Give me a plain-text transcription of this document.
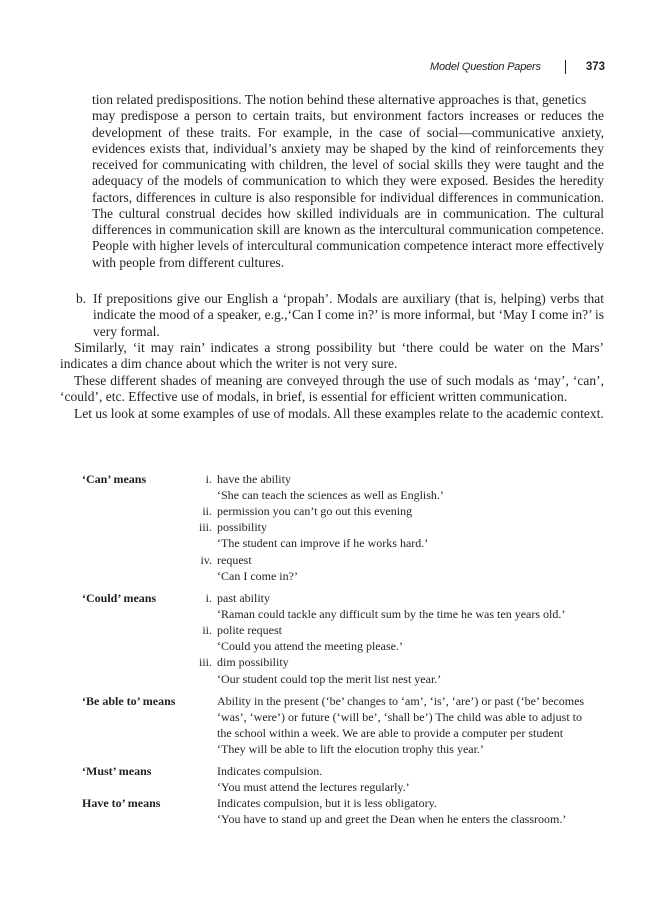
Model Question Papers	373
tion related predispositions. The notion behind these alternative approaches is that, genetics
may predispose a person to certain traits, but environment factors increases or reduces the development of these traits. For example, in the case of social—communicative anxiety, evidences exists that, individual’s anxiety may be shaped by the kind of reinforcements they received for communicating with children, the level of social skills they were taught and the adequacy of the models of communication to which they were exposed. Besides the heredity factors, differences in culture is also responsible for individual differences in communication. The cultural construal decides how skilled individuals are in communication. The cultural differences in communication skill are known as the intercultural communication competence. People with higher levels of intercultural communication competence interact more effectively with people from different cultures.
b. If prepositions give our English a ‘propah’. Modals are auxiliary (that is, helping) verbs that indicate the mood of a speaker, e.g.,‘Can I come in?’ is more informal, but ‘May I come in?’ is very formal.
Similarly, ‘it may rain’ indicates a strong possibility but ‘there could be water on the Mars’ indicates a dim chance about which the writer is not very sure.
These different shades of meaning are conveyed through the use of such modals as ‘may’, ‘can’, ‘could’, etc. Effective use of modals, in brief, is essential for efficient written communication.
Let us look at some examples of use of modals. All these examples relate to the academic context.
‘Can’ means	i. have the ability
‘She can teach the sciences as well as English.’
ii. permission you can’t go out this evening
iii. possibility
‘The student can improve if he works hard.’
iv. request
‘Can I come in?’
‘Could’ means	i. past ability
‘Raman could tackle any difficult sum by the time he was ten years old.’
ii. polite request
‘Could you attend the meeting please.’
iii. dim possibility
‘Our student could top the merit list nest year.’
‘Be able to’ means	Ability in the present (‘be’ changes to ‘am’, ‘is’, ‘are’) or past (‘be’ becomes
‘was’, ‘were’) or future (‘will be’, ‘shall be’) The child was able to adjust to
the school within a week. We are able to provide a computer per student
‘They will be able to lift the elocution trophy this year.’
‘Must’ means	Indicates compulsion.
‘You must attend the lectures regularly.’
Have to’ means	Indicates compulsion, but it is less obligatory.
‘You have to stand up and greet the Dean when he enters the classroom.’
